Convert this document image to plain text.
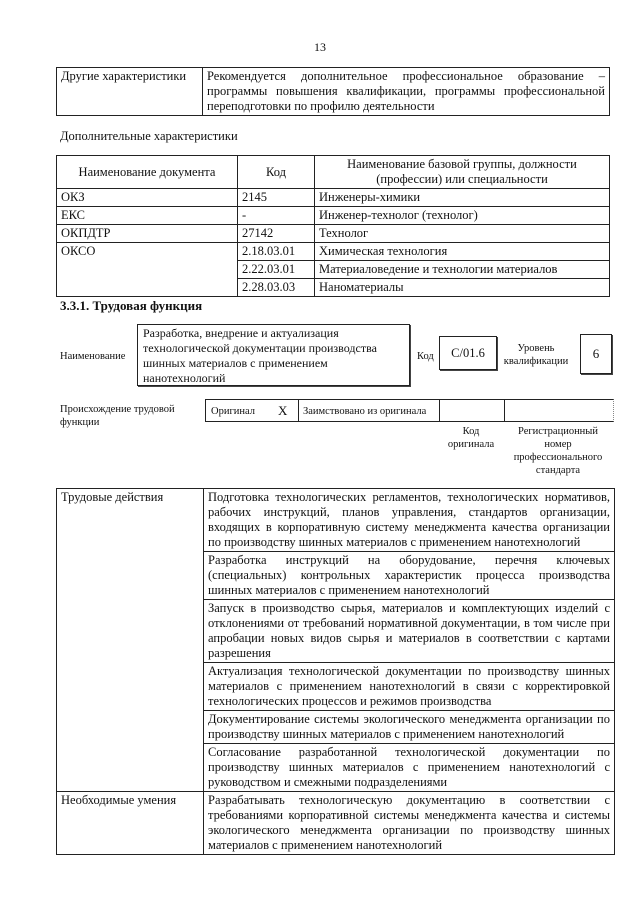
13
Другие характеристики	Рекомендуется дополнительное профессиональное образование – программы повышения квалификации, программы профессиональной переподготовки по профилю деятельности
Дополнительные характеристики
Наименование документа	Код	Наименование базовой группы, должности (профессии) или специальности
ОКЗ	2145	Инженеры-химики
ЕКС	-	Инженер-технолог (технолог)
ОКПДТР	27142	Технолог
ОКСО	2.18.03.01	Химическая технология
	2.22.03.01	Материаловедение и технологии материалов
	2.28.03.03	Наноматериалы
3.3.1. Трудовая функция
Наименование
Разработка, внедрение и актуализация технологической документации производства шинных материалов с применением нанотехнологий
Код	С/01.6	Уровень квалификации
6
Происхождение трудовой функции
Оригинал Х Заимствовано из оригинала
Код оригинала
Регистрационный номер профессионального стандарта
Трудовые действия	Подготовка технологических регламентов, технологических нормативов, рабочих инструкций, планов управления, стандартов организации, входящих в корпоративную систему менеджмента качества организации по производству шинных материалов с применением нанотехнологий
	Разработка инструкций на оборудование, перечня ключевых (специальных) контрольных характеристик процесса производства шинных материалов с применением нанотехнологий
	Запуск в производство сырья, материалов и комплектующих изделий с отклонениями от требований нормативной документации, в том числе при апробации новых видов сырья и материалов в соответствии с картами разрешения
	Актуализация технологической документации по производству шинных материалов с применением нанотехнологий в связи с корректировкой технологических процессов и режимов производства
	Документирование системы экологического менеджмента организации по производству шинных материалов с применением нанотехнологий
	Согласование разработанной технологической документации по производству шинных материалов с применением нанотехнологий с руководством и смежными подразделениями
Необходимые умения	Разрабатывать технологическую документацию в соответствии с требованиями корпоративной системы менеджмента качества и системы экологического менеджмента организации по производству шинных материалов с применением нанотехнологий
